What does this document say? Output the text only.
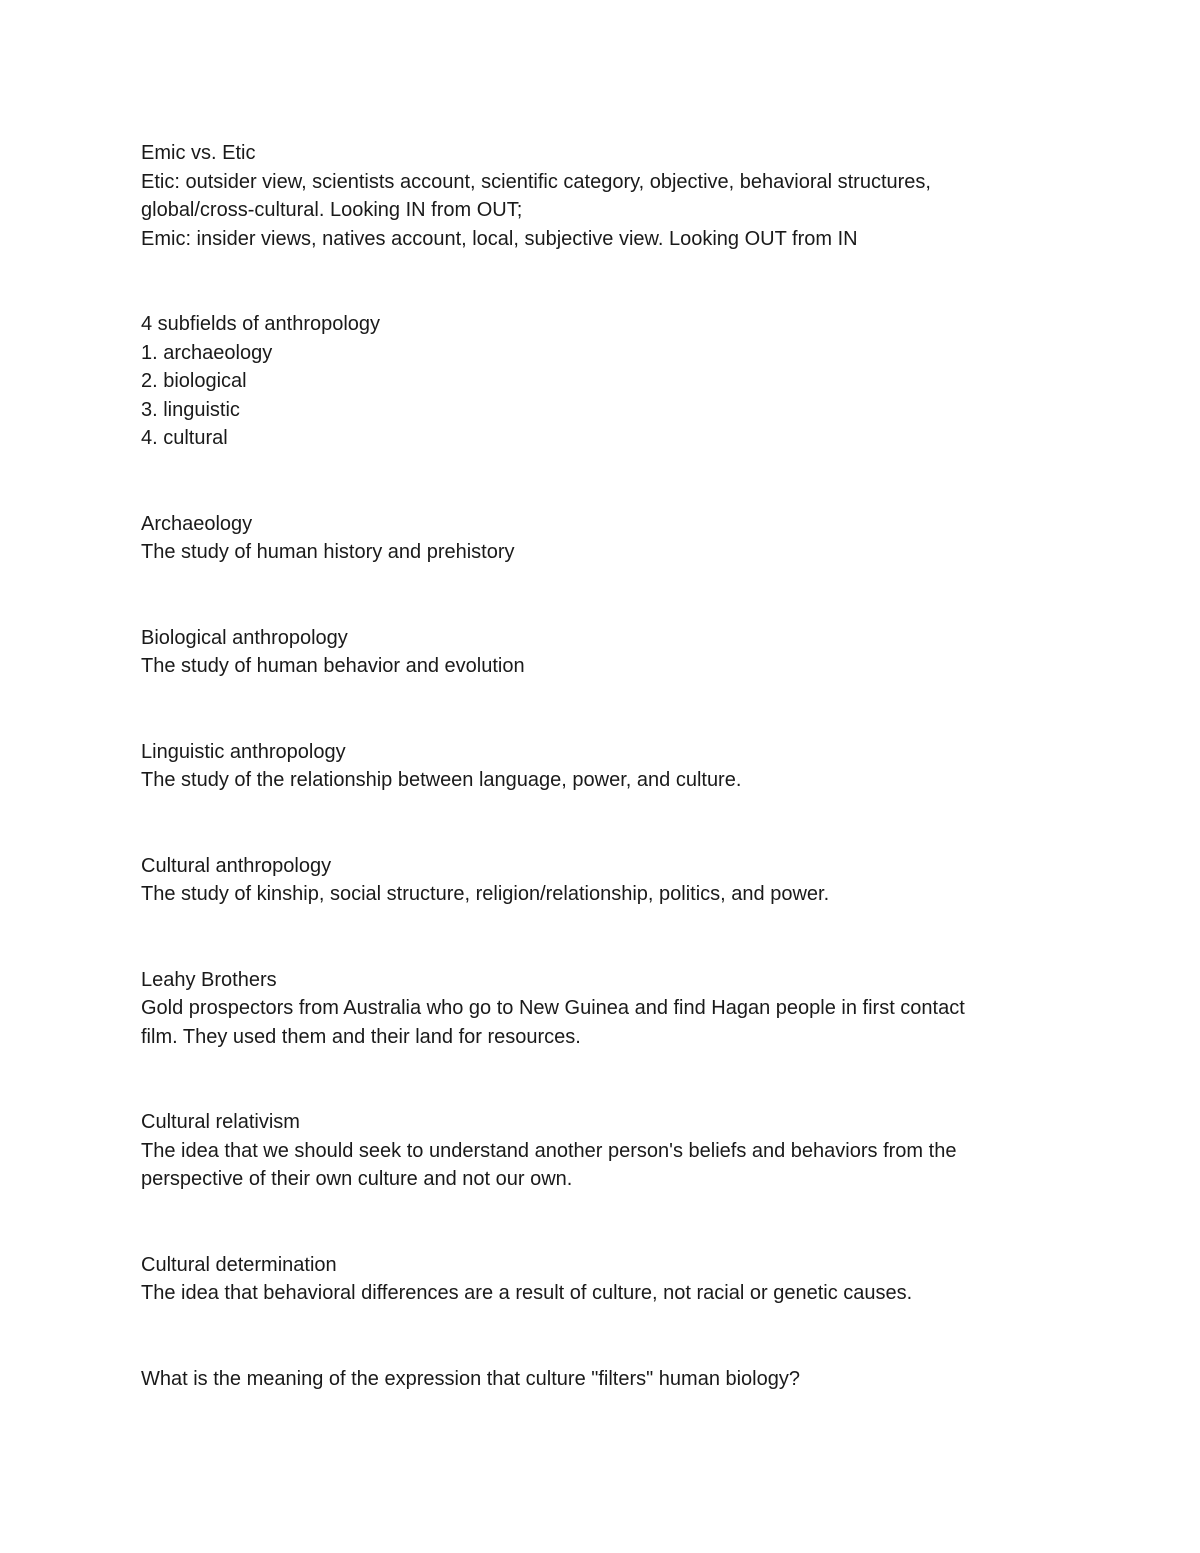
Emic vs. Etic
Etic: outsider view, scientists account, scientific category, objective, behavioral structures,
global/cross-cultural. Looking IN from OUT;
Emic: insider views, natives account, local, subjective view. Looking OUT from IN
4 subfields of anthropology
1. archaeology
2. biological
3. linguistic
4. cultural
Archaeology
The study of human history and prehistory
Biological anthropology
The study of human behavior and evolution
Linguistic anthropology
The study of the relationship between language, power, and culture.
Cultural anthropology
The study of kinship, social structure, religion/relationship, politics, and power.
Leahy Brothers
Gold prospectors from Australia who go to New Guinea and find Hagan people in first contact
film. They used them and their land for resources.
Cultural relativism
The idea that we should seek to understand another person's beliefs and behaviors from the
perspective of their own culture and not our own.
Cultural determination
The idea that behavioral differences are a result of culture, not racial or genetic causes.
What is the meaning of the expression that culture "filters" human biology?
